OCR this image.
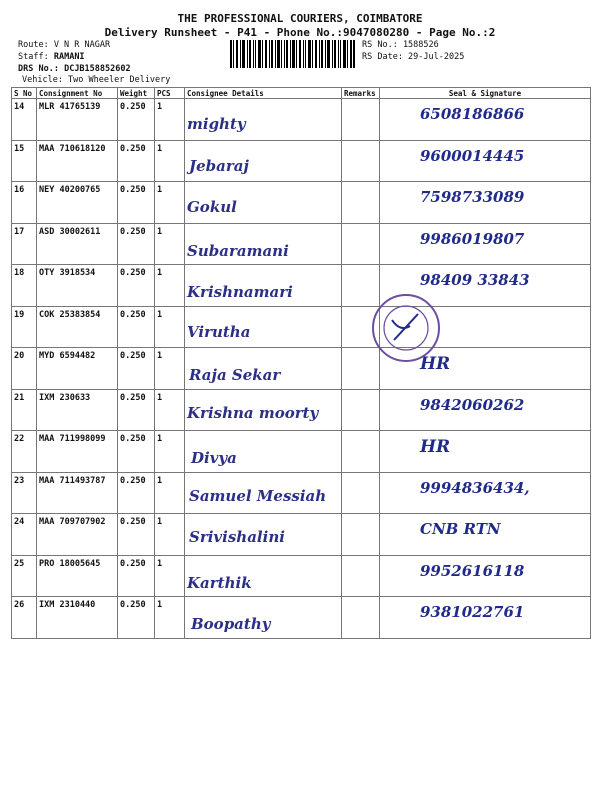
THE PROFESSIONAL COURIERS, COIMBATORE
Delivery Runsheet - P41 - Phone No.:9047080280 - Page No.:2
Route: V N R NAGAR
Staff: RAMANI
DRS No.: DCJB158852602
Vehicle: Two Wheeler Delivery
RS No.: 1588526
RS Date: 29-Jul-2025
S No	Consignment No	Weight	PCS	Consignee Details	Remarks	Seal & Signature
14	MLR 41765139	0.250	1	mighty		6508186866

15	MAA 710618120	0.250	1	Jebaraj		9600014445

16	NEY 40200765	0.250	1	Gokul		7598733089

17	ASD 30002611	0.250	1	Subaramani		9986019807

18	OTY 3918534	0.250	1	Krishnamari		98409 33843

19	COK 25383854	0.250	1	Virutha		

20	MYD 6594482	0.250	1	Raja Sekar		HR

21	IXM 230633	0.250	1	Krishna moorty		9842060262

22	MAA 711998099	0.250	1	Divya		HR

23	MAA 711493787	0.250	1	Samuel Messiah		9994836434,

24	MAA 709707902	0.250	1	Srivishalini		CNB RTN

25	PRO 18005645	0.250	1	Karthik		9952616118

26	IXM 2310440	0.250	1	Boopathy		9381022761
